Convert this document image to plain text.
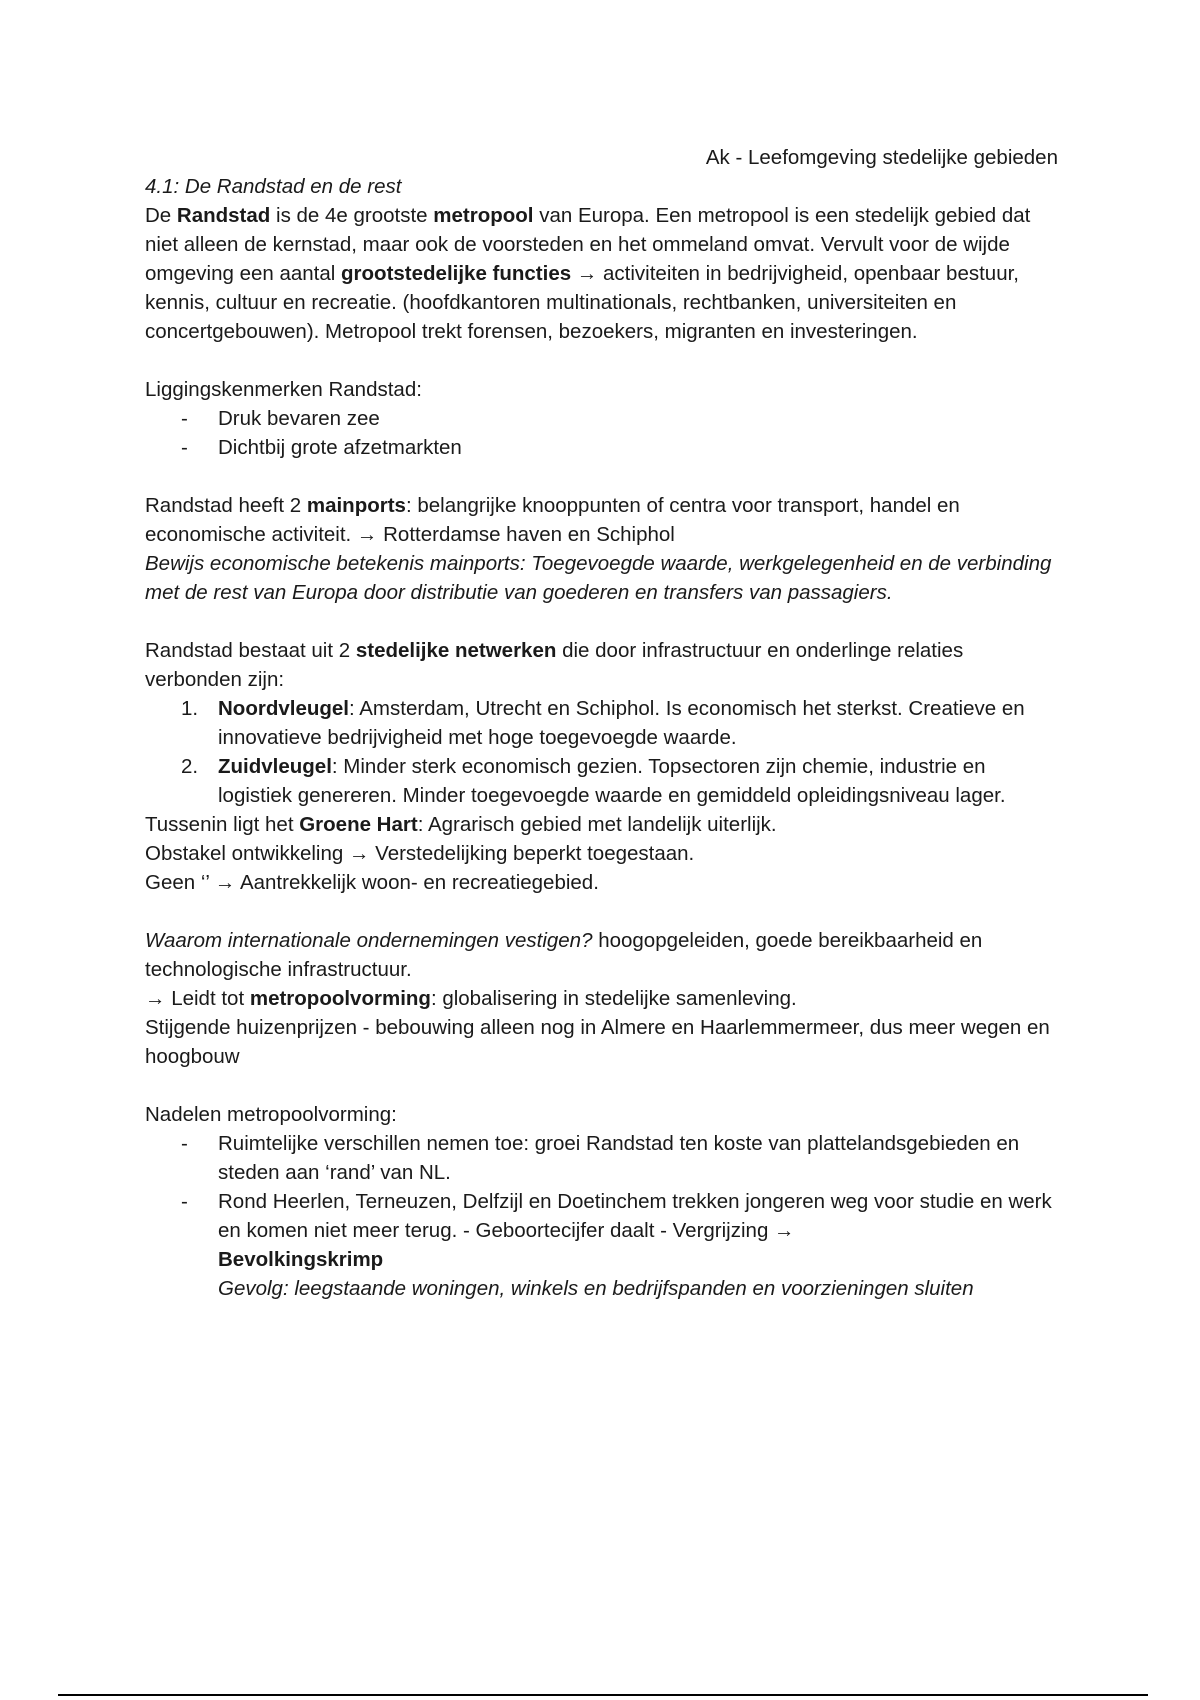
Ak - Leefomgeving stedelijke gebieden

4.1: De Randstad en de rest

De Randstad is de 4e grootste metropool van Europa. Een metropool is een stedelijk gebied dat niet alleen de kernstad, maar ook de voorsteden en het ommeland omvat. Vervult voor de wijde omgeving een aantal grootstedelijke functies → activiteiten in bedrijvigheid, openbaar bestuur, kennis, cultuur en recreatie. (hoofdkantoren multinationals, rechtbanken, universiteiten en concertgebouwen). Metropool trekt forensen, bezoekers, migranten en investeringen.

Liggingskenmerken Randstad:

- Druk bevaren zee
- Dichtbij grote afzetmarkten

Randstad heeft 2 mainports: belangrijke knooppunten of centra voor transport, handel en economische activiteit. → Rotterdamse haven en Schiphol

Bewijs economische betekenis mainports: Toegevoegde waarde, werkgelegenheid en de verbinding met de rest van Europa door distributie van goederen en transfers van passagiers.

Randstad bestaat uit 2 stedelijke netwerken die door infrastructuur en onderlinge relaties verbonden zijn:

1. Noordvleugel: Amsterdam, Utrecht en Schiphol. Is economisch het sterkst. Creatieve en innovatieve bedrijvigheid met hoge toegevoegde waarde.
2. Zuidvleugel: Minder sterk economisch gezien. Topsectoren zijn chemie, industrie en logistiek genereren. Minder toegevoegde waarde en gemiddeld opleidingsniveau lager.

Tussenin ligt het Groene Hart: Agrarisch gebied met landelijk uiterlijk.

Obstakel ontwikkeling → Verstedelijking beperkt toegestaan.

Geen ‘’ → Aantrekkelijk woon- en recreatiegebied.

Waarom internationale ondernemingen vestigen? hoogopgeleiden, goede bereikbaarheid en technologische infrastructuur.

→ Leidt tot metropoolvorming: globalisering in stedelijke samenleving.

Stijgende huizenprijzen - bebouwing alleen nog in Almere en Haarlemmermeer, dus meer wegen en hoogbouw

Nadelen metropoolvorming:

- Ruimtelijke verschillen nemen toe: groei Randstad ten koste van plattelandsgebieden en steden aan ‘rand’ van NL.
- Rond Heerlen, Terneuzen, Delfzijl en Doetinchem trekken jongeren weg voor studie en werk en komen niet meer terug. - Geboortecijfer daalt - Vergrijzing →
Bevolkingskrimp
Gevolg: leegstaande woningen, winkels en bedrijfspanden en voorzieningen sluiten
